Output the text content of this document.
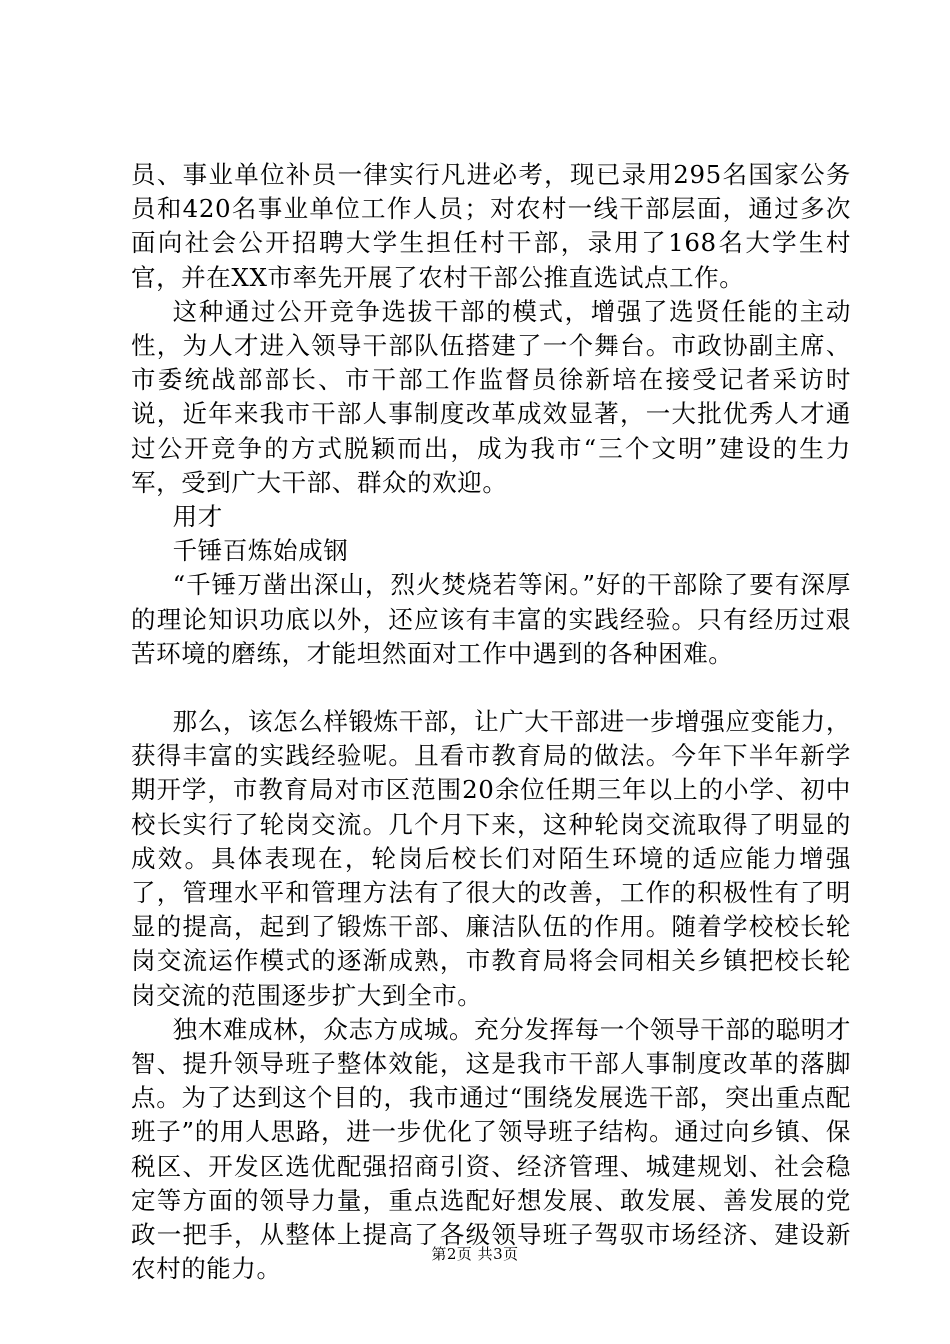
员、事业单位补员一律实行凡进必考，现已录用295名国家公务员和420名事业单位工作人员；对农村一线干部层面，通过多次面向社会公开招聘大学生担任村干部，录用了168名大学生村官，并在XX市率先开展了农村干部公推直选试点工作。

这种通过公开竞争选拔干部的模式，增强了选贤任能的主动性，为人才进入领导干部队伍搭建了一个舞台。市政协副主席、市委统战部部长、市干部工作监督员徐新培在接受记者采访时说，近年来我市干部人事制度改革成效显著，一大批优秀人才通过公开竞争的方式脱颖而出，成为我市“三个文明”建设的生力军，受到广大干部、群众的欢迎。

用才

千锤百炼始成钢

“千锤万凿出深山，烈火焚烧若等闲。”好的干部除了要有深厚的理论知识功底以外，还应该有丰富的实践经验。只有经历过艰苦环境的磨练，才能坦然面对工作中遇到的各种困难。

那么，该怎么样锻炼干部，让广大干部进一步增强应变能力，获得丰富的实践经验呢。且看市教育局的做法。今年下半年新学期开学，市教育局对市区范围20余位任期三年以上的小学、初中校长实行了轮岗交流。几个月下来，这种轮岗交流取得了明显的成效。具体表现在，轮岗后校长们对陌生环境的适应能力增强了，管理水平和管理方法有了很大的改善，工作的积极性有了明显的提高，起到了锻炼干部、廉洁队伍的作用。随着学校校长轮岗交流运作模式的逐渐成熟，市教育局将会同相关乡镇把校长轮岗交流的范围逐步扩大到全市。

独木难成林，众志方成城。充分发挥每一个领导干部的聪明才智、提升领导班子整体效能，这是我市干部人事制度改革的落脚点。为了达到这个目的，我市通过“围绕发展选干部，突出重点配班子”的用人思路，进一步优化了领导班子结构。通过向乡镇、保税区、开发区选优配强招商引资、经济管理、城建规划、社会稳定等方面的领导力量，重点选配好想发展、敢发展、善发展的党政一把手，从整体上提高了各级领导班子驾驭市场经济、建设新农村的能力。

第2页 共3页
